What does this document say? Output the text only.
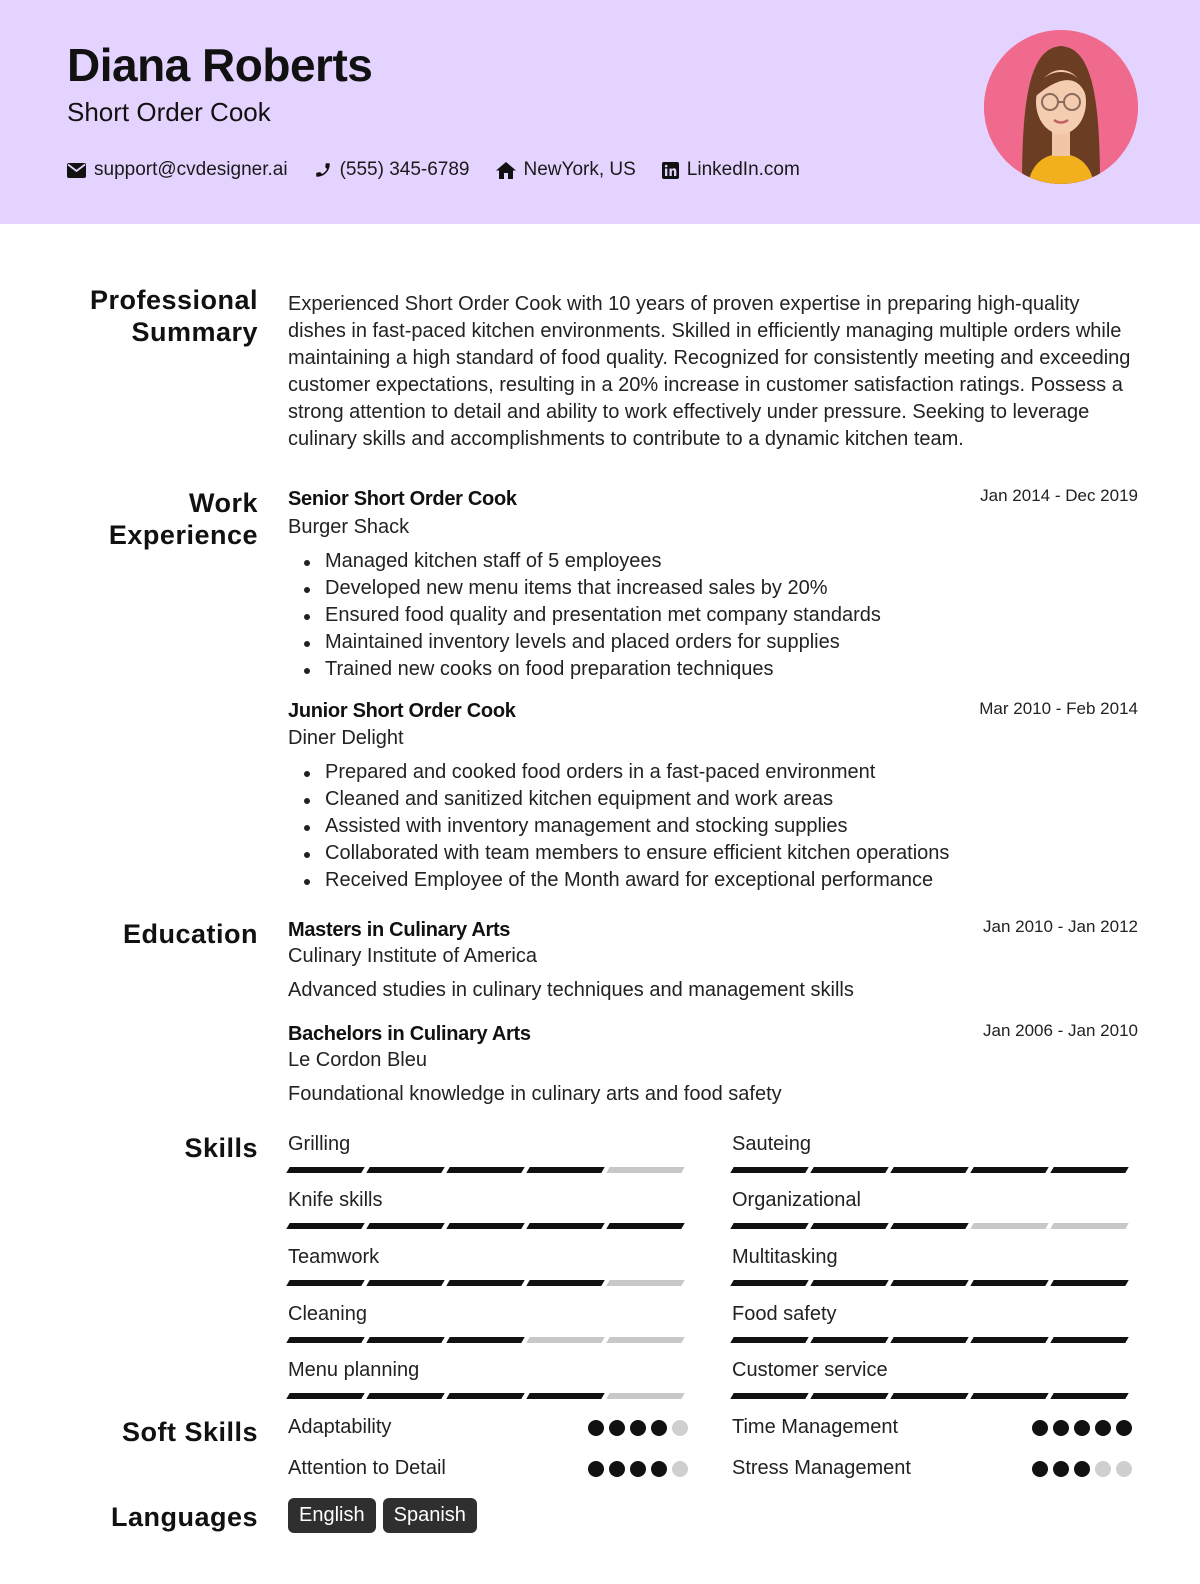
Diana Roberts
Short Order Cook
support@cvdesigner.ai	(555) 345-6789	NewYork, US	LinkedIn.com
Professional
Summary

Experienced Short Order Cook with 10 years of proven expertise in preparing high-quality dishes in fast-paced kitchen environments. Skilled in efficiently managing multiple orders while maintaining a high standard of food quality. Recognized for consistently meeting and exceeding customer expectations, resulting in a 20% increase in customer satisfaction ratings. Possess a strong attention to detail and ability to work effectively under pressure. Seeking to leverage culinary skills and accomplishments to contribute to a dynamic kitchen team.

Work
Experience
Senior Short Order Cook	Jan 2014 - Dec 2019
Burger Shack
Managed kitchen staff of 5 employees
Developed new menu items that increased sales by 20%
Ensured food quality and presentation met company standards
Maintained inventory levels and placed orders for supplies
Trained new cooks on food preparation techniques
Junior Short Order Cook	Mar 2010 - Feb 2014
Diner Delight
Prepared and cooked food orders in a fast-paced environment
Cleaned and sanitized kitchen equipment and work areas
Assisted with inventory management and stocking supplies
Collaborated with team members to ensure efficient kitchen operations
Received Employee of the Month award for exceptional performance
Education Masters in Culinary Arts	Jan 2010 - Jan 2012
Culinary Institute of America
Advanced studies in culinary techniques and management skills
Bachelors in Culinary Arts	Jan 2006 - Jan 2010
Le Cordon Bleu
Foundational knowledge in culinary arts and food safety
Skills Grilling	Sauteing
Knife skills	Organizational
Teamwork	Multitasking
Cleaning	Food safety
Menu planning	Customer service
Soft Skills Adaptability	Time Management
Attention to Detail	Stress Management
Languages	English	Spanish
